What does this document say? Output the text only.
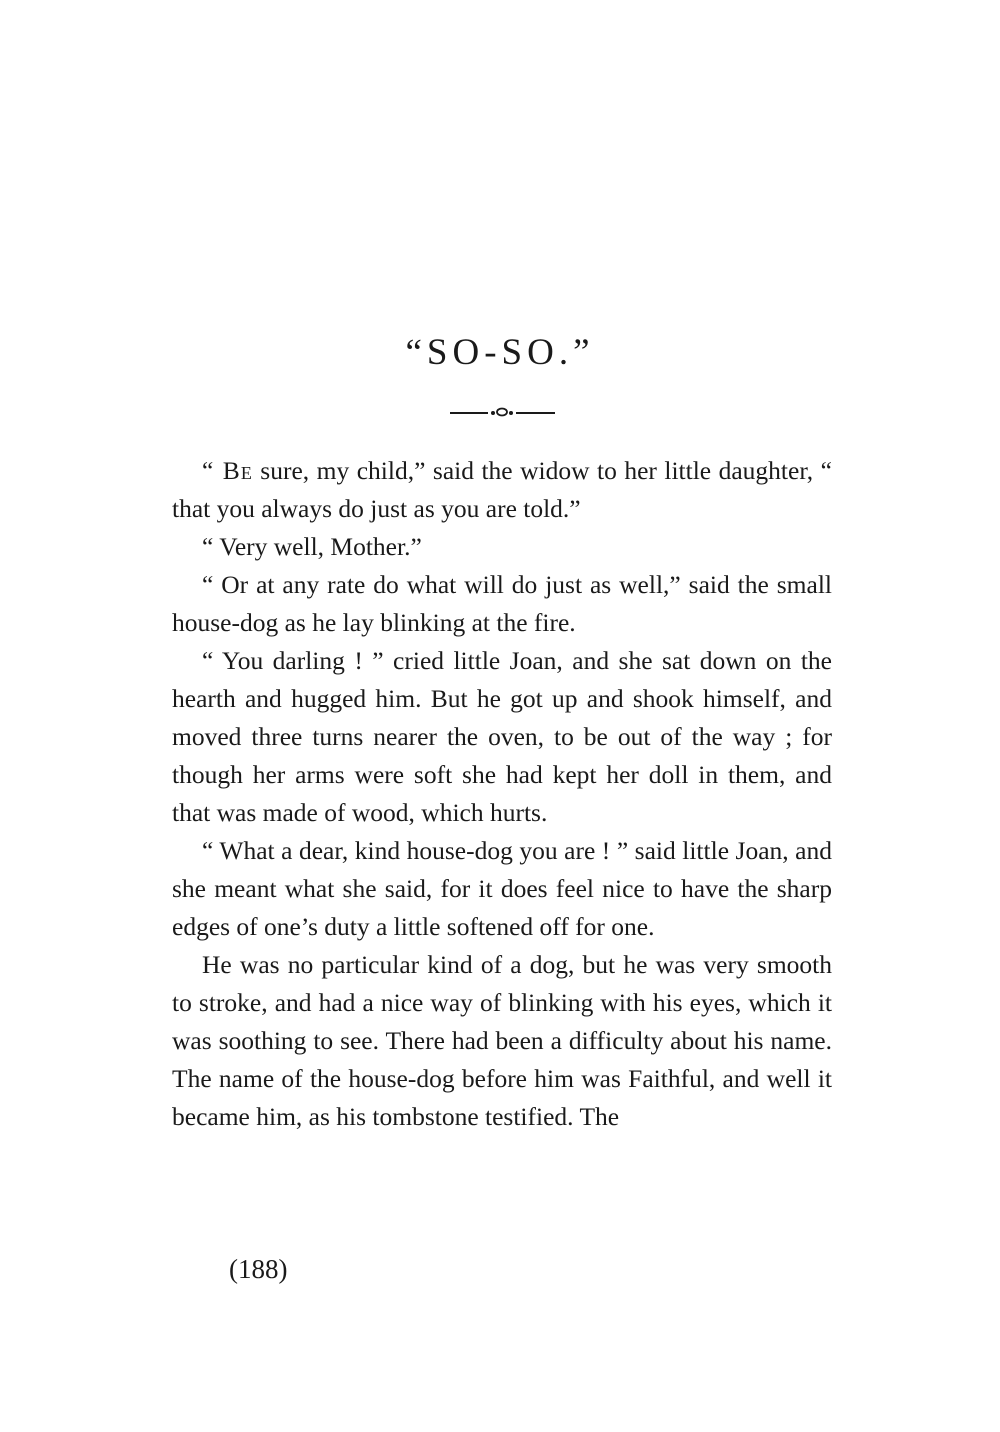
“SO-SO.”

“ Be sure, my child,” said the widow to her little daughter, “ that you always do just as you are told.”

“ Very well, Mother.”

“ Or at any rate do what will do just as well,” said the small house-dog as he lay blinking at the fire.

“ You darling ! ” cried little Joan, and she sat down on the hearth and hugged him. But he got up and shook himself, and moved three turns nearer the oven, to be out of the way ; for though her arms were soft she had kept her doll in them, and that was made of wood, which hurts.

“ What a dear, kind house-dog you are ! ” said little Joan, and she meant what she said, for it does feel nice to have the sharp edges of one’s duty a little softened off for one.

He was no particular kind of a dog, but he was very smooth to stroke, and had a nice way of blinking with his eyes, which it was soothing to see. There had been a difficulty about his name. The name of the house-dog before him was Faithful, and well it became him, as his tombstone testified. The

(188)
